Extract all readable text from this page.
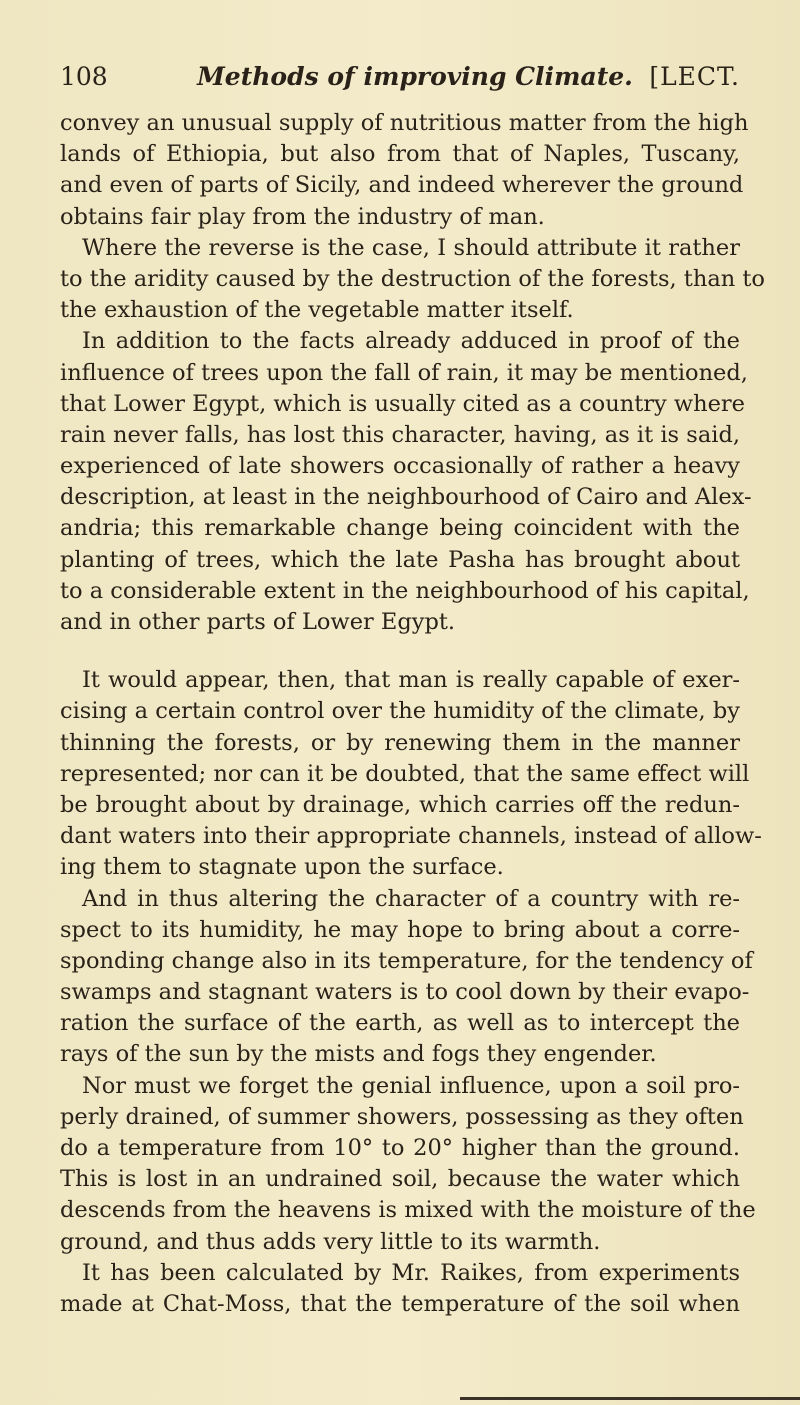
108	Methods of improving Climate. [LECT.
convey an unusual supply of nutritious matter from the high
lands of Ethiopia, but also from that of Naples, Tuscany,
and even of parts of Sicily, and indeed wherever the ground
obtains fair play from the industry of man.
Where the reverse is the case, I should attribute it rather
to the aridity caused by the destruction of the forests, than to
the exhaustion of the vegetable matter itself.
In addition to the facts already adduced in proof of the
influence of trees upon the fall of rain, it may be mentioned,
that Lower Egypt, which is usually cited as a country where
rain never falls, has lost this character, having, as it is said,
experienced of late showers occasionally of rather a heavy
description, at least in the neighbourhood of Cairo and Alex-
andria; this remarkable change being coincident with the
planting of trees, which the late Pasha has brought about
to a considerable extent in the neighbourhood of his capital,
and in other parts of Lower Egypt.
It would appear, then, that man is really capable of exer-
cising a certain control over the humidity of the climate, by
thinning the forests, or by renewing them in the manner
represented; nor can it be doubted, that the same effect will
be brought about by drainage, which carries off the redun-
dant waters into their appropriate channels, instead of allow-
ing them to stagnate upon the surface.
And in thus altering the character of a country with re-
spect to its humidity, he may hope to bring about a corre-
sponding change also in its temperature, for the tendency of
swamps and stagnant waters is to cool down by their evapo-
ration the surface of the earth, as well as to intercept the
rays of the sun by the mists and fogs they engender.
Nor must we forget the genial influence, upon a soil pro-
perly drained, of summer showers, possessing as they often
do a temperature from 10° to 20° higher than the ground.
This is lost in an undrained soil, because the water which
descends from the heavens is mixed with the moisture of the
ground, and thus adds very little to its warmth.
It has been calculated by Mr. Raikes, from experiments
made at Chat-Moss, that the temperature of the soil when
